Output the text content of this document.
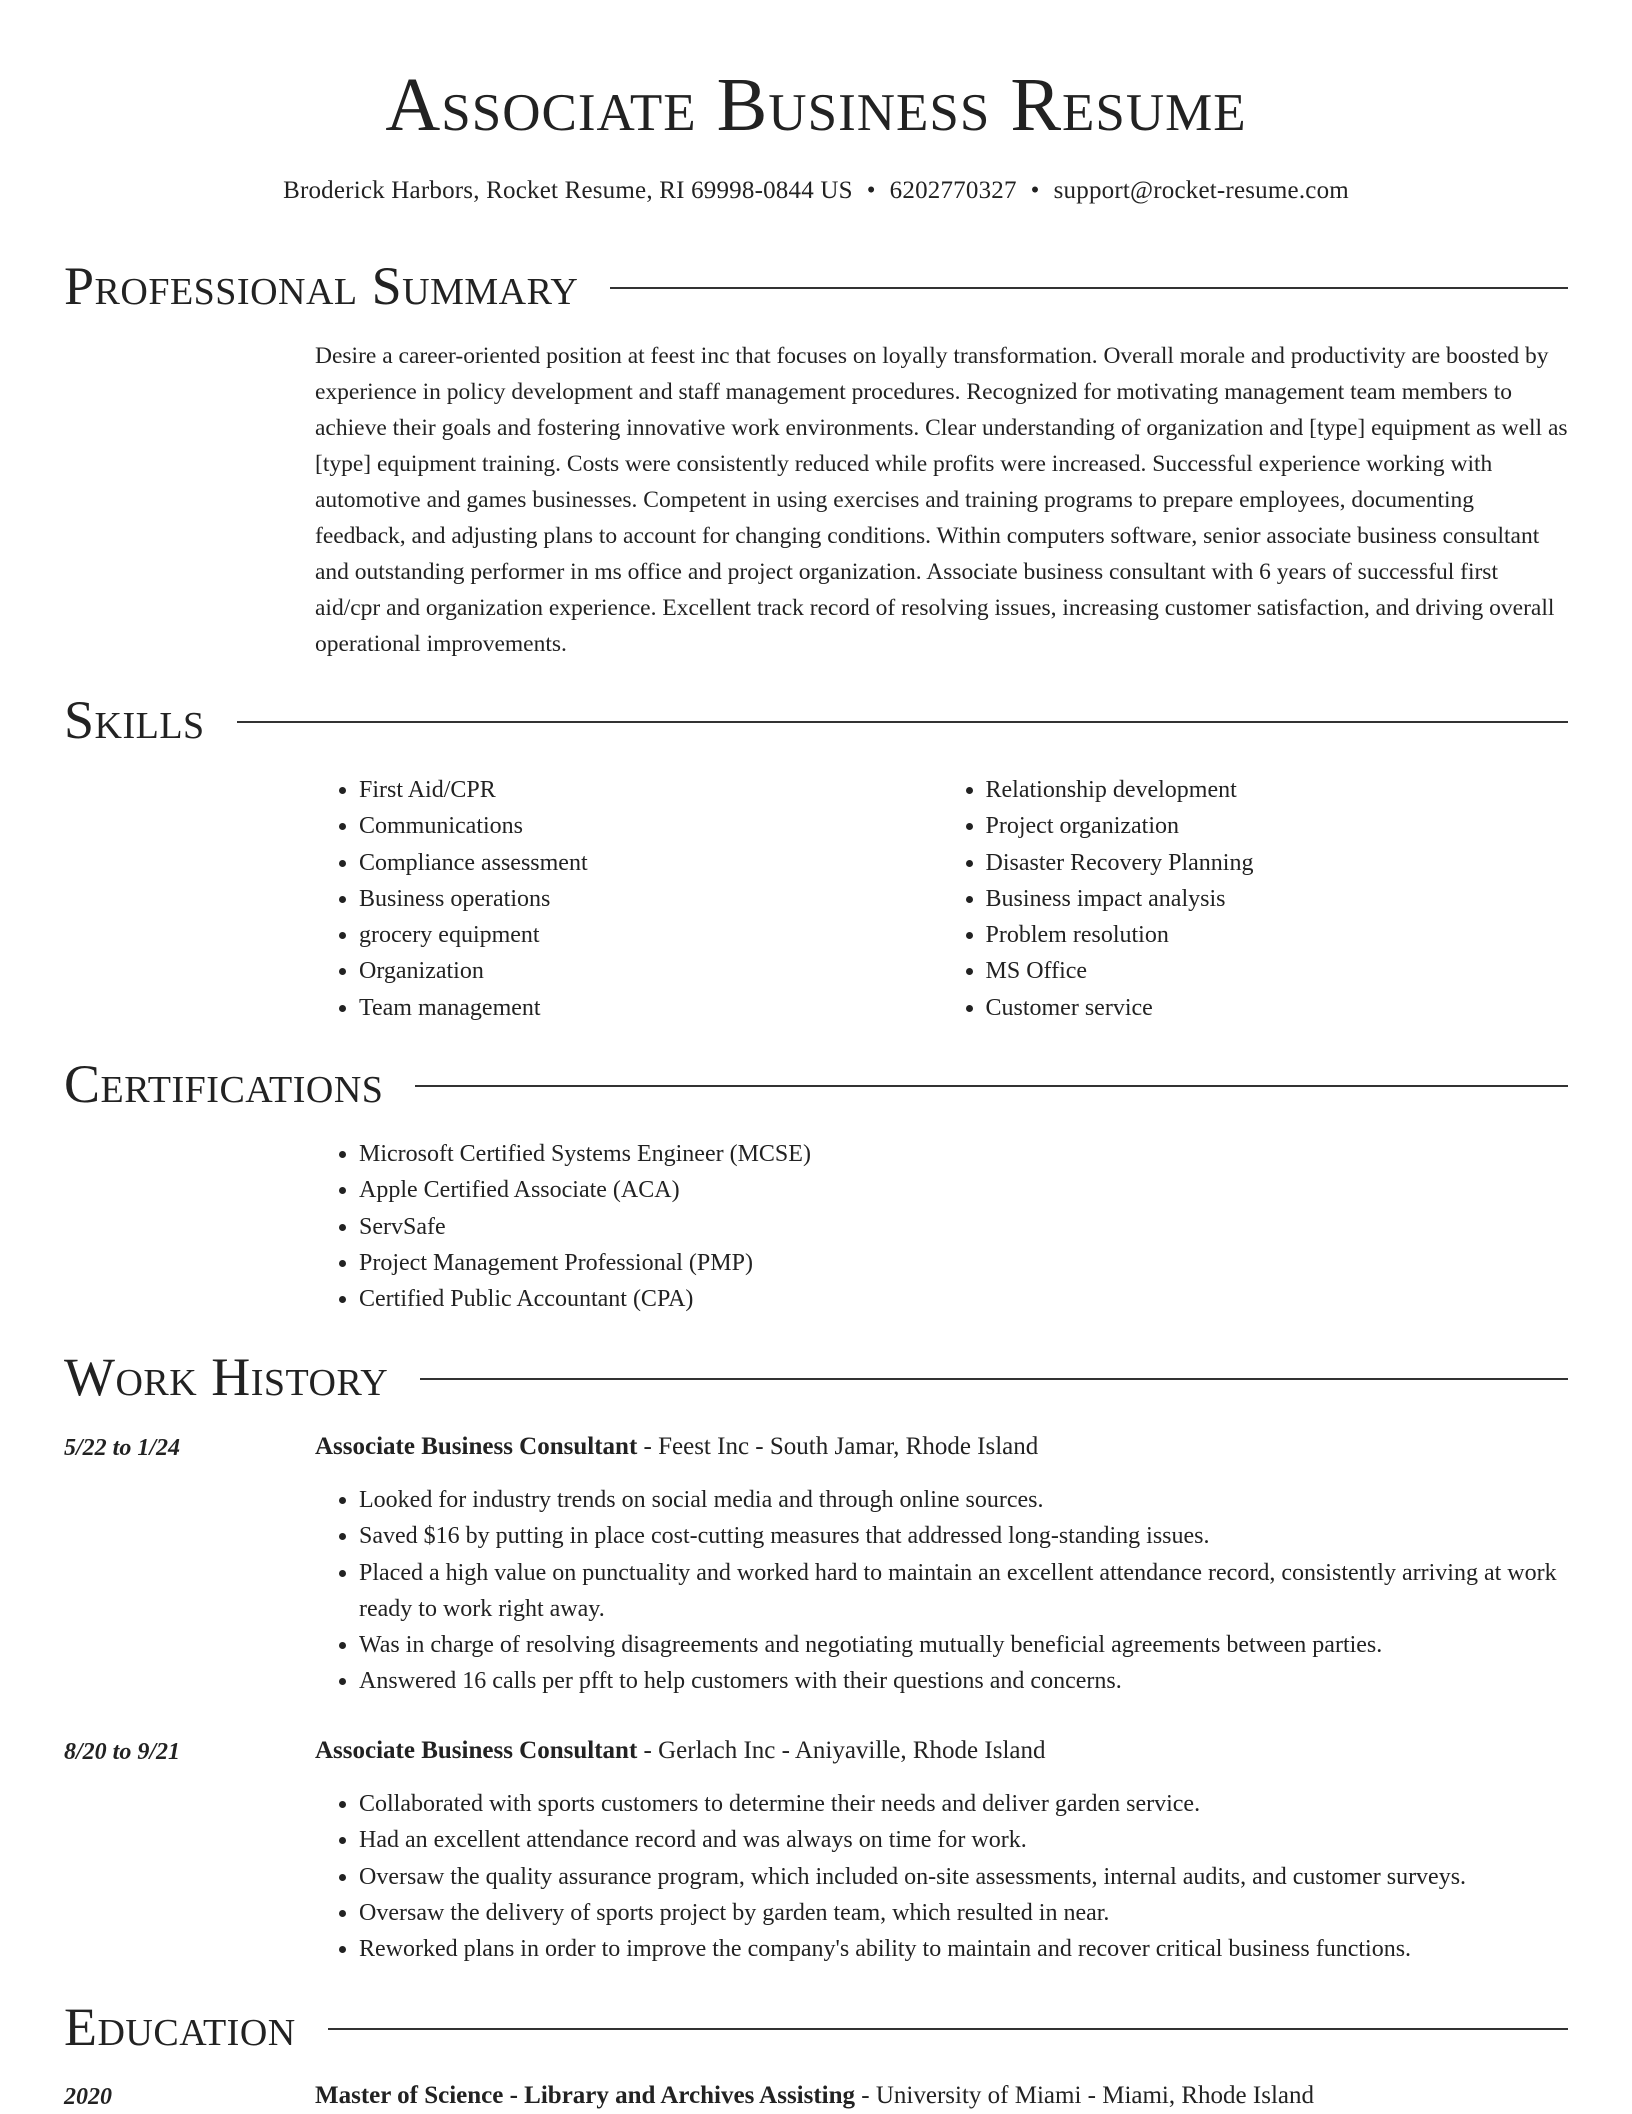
Associate Business Resume
Broderick Harbors, Rocket Resume, RI 69998-0844 US • 6202770327 • support@rocket-resume.com
Professional Summary

Desire a career-oriented position at feest inc that focuses on loyally transformation. Overall morale and productivity are boosted by experience in policy development and staff management procedures. Recognized for motivating management team members to achieve their goals and fostering innovative work environments. Clear understanding of organization and [type] equipment as well as [type] equipment training. Costs were consistently reduced while profits were increased. Successful experience working with automotive and games businesses. Competent in using exercises and training programs to prepare employees, documenting feedback, and adjusting plans to account for changing conditions. Within computers software, senior associate business consultant and outstanding performer in ms office and project organization. Associate business consultant with 6 years of successful first aid/cpr and organization experience. Excellent track record of resolving issues, increasing customer satisfaction, and driving overall operational improvements.

Skills
• First Aid/CPR
• Communications
• Compliance assessment
• Business operations
• grocery equipment
• Organization
• Team management
• Relationship development
• Project organization
• Disaster Recovery Planning
• Business impact analysis
• Problem resolution
• MS Office
• Customer service
Certifications
• Microsoft Certified Systems Engineer (MCSE)
• Apple Certified Associate (ACA)
• ServSafe
• Project Management Professional (PMP)
• Certified Public Accountant (CPA)
Work History
5/22 to 1/24	Associate Business Consultant - Feest Inc - South Jamar, Rhode Island
• Looked for industry trends on social media and through online sources.
• Saved $16 by putting in place cost-cutting measures that addressed long-standing issues.
• Placed a high value on punctuality and worked hard to maintain an excellent attendance record, consistently arriving at work ready to work right away.
• Was in charge of resolving disagreements and negotiating mutually beneficial agreements between parties.
• Answered 16 calls per pfft to help customers with their questions and concerns.
8/20 to 9/21	Associate Business Consultant - Gerlach Inc - Aniyaville, Rhode Island
• Collaborated with sports customers to determine their needs and deliver garden service.
• Had an excellent attendance record and was always on time for work.
• Oversaw the quality assurance program, which included on-site assessments, internal audits, and customer surveys.
• Oversaw the delivery of sports project by garden team, which resulted in near.
• Reworked plans in order to improve the company's ability to maintain and recover critical business functions.
Education
2020	Master of Science - Library and Archives Assisting - University of Miami - Miami, Rhode Island
